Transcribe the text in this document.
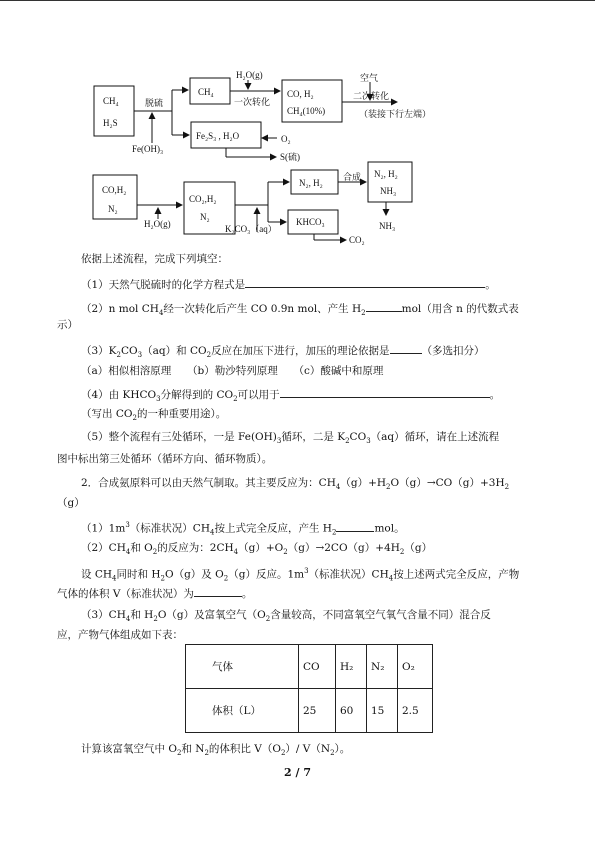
CH₄
H₂S
脱硫
Fe(OH)₃
CH₄
Fe₂S₃ , H₂O	O₂
S(硫)
H₂O(g)
一次转化
CO, H₂
CH₄(10%)
空气
二次转化
（装接下行左端）
CO,H₂
N₂
H₂O(g)
CO₂,H₂
N₂
K₂CO₃（aq）
N₂, H₂
合成 N₂, H₂
NH₃
KHCO₃
CO₂
NH₃
依据上述流程，完成下列填空：
（1）天然气脱硫时的化学方程式是	。
（2）n mol $CH_4$经一次转化后产生 CO 0.9n mol、产生 $H_2$	mol（用含 n 的代数式表
示）
$(3)K_2CO_3(aq)$和 $CO_2$反应在加压下进行，加压的理论依据是	（多选扣分）
（a）相似相溶原理　　（b）勒沙特列原理　　（c）酸碱中和原理
（4）由 $KHCO_3$分解得到的 $CO_2$可以用于	。
（写出 $CO_2$的一种重要用途）。
（5）整个流程有三处循环，一是 $Fe(OH)_3$循环，二是 $K_2CO_3(aq)$循环，请在上述流程
图中标出第三处循环（循环方向、循环物质）。
2．合成氨原料可以由天然气制取。其主要反应为：$CH_4(g)+H_2O(g)\to CO(g)+3H_2$
（g）
$(1)1m^3$（标准状况）$CH_4$按上式完全反应，产生 $H_2$	mol。
$(2)CH_4$和 $O_2$的反应为：$2CH_4(g)+O_2(g)\to 2CO(g)+4H_2(g)$
设 $CH_4$同时和 $H_2O(g)$及 $O_2(g)$反应。$1m^3$（标准状况）$CH_4$按上述两式完全反应，产物
气体的体积 V（标准状况）为	。
$(3)CH_4$和 $H_2O(g)$及富氧空气（$O_2$含量较高，不同富氧空气氧气含量不同）混合反
应，产物气体组成如下表：
气体	CO	H₂	N₂	O₂
体积（L）	25	60	15	2.5
计算该富氧空气中 $O_2$和 $N_2$的体积比 $V(O_2)/$ $V(N_2)$。
2 / 7
